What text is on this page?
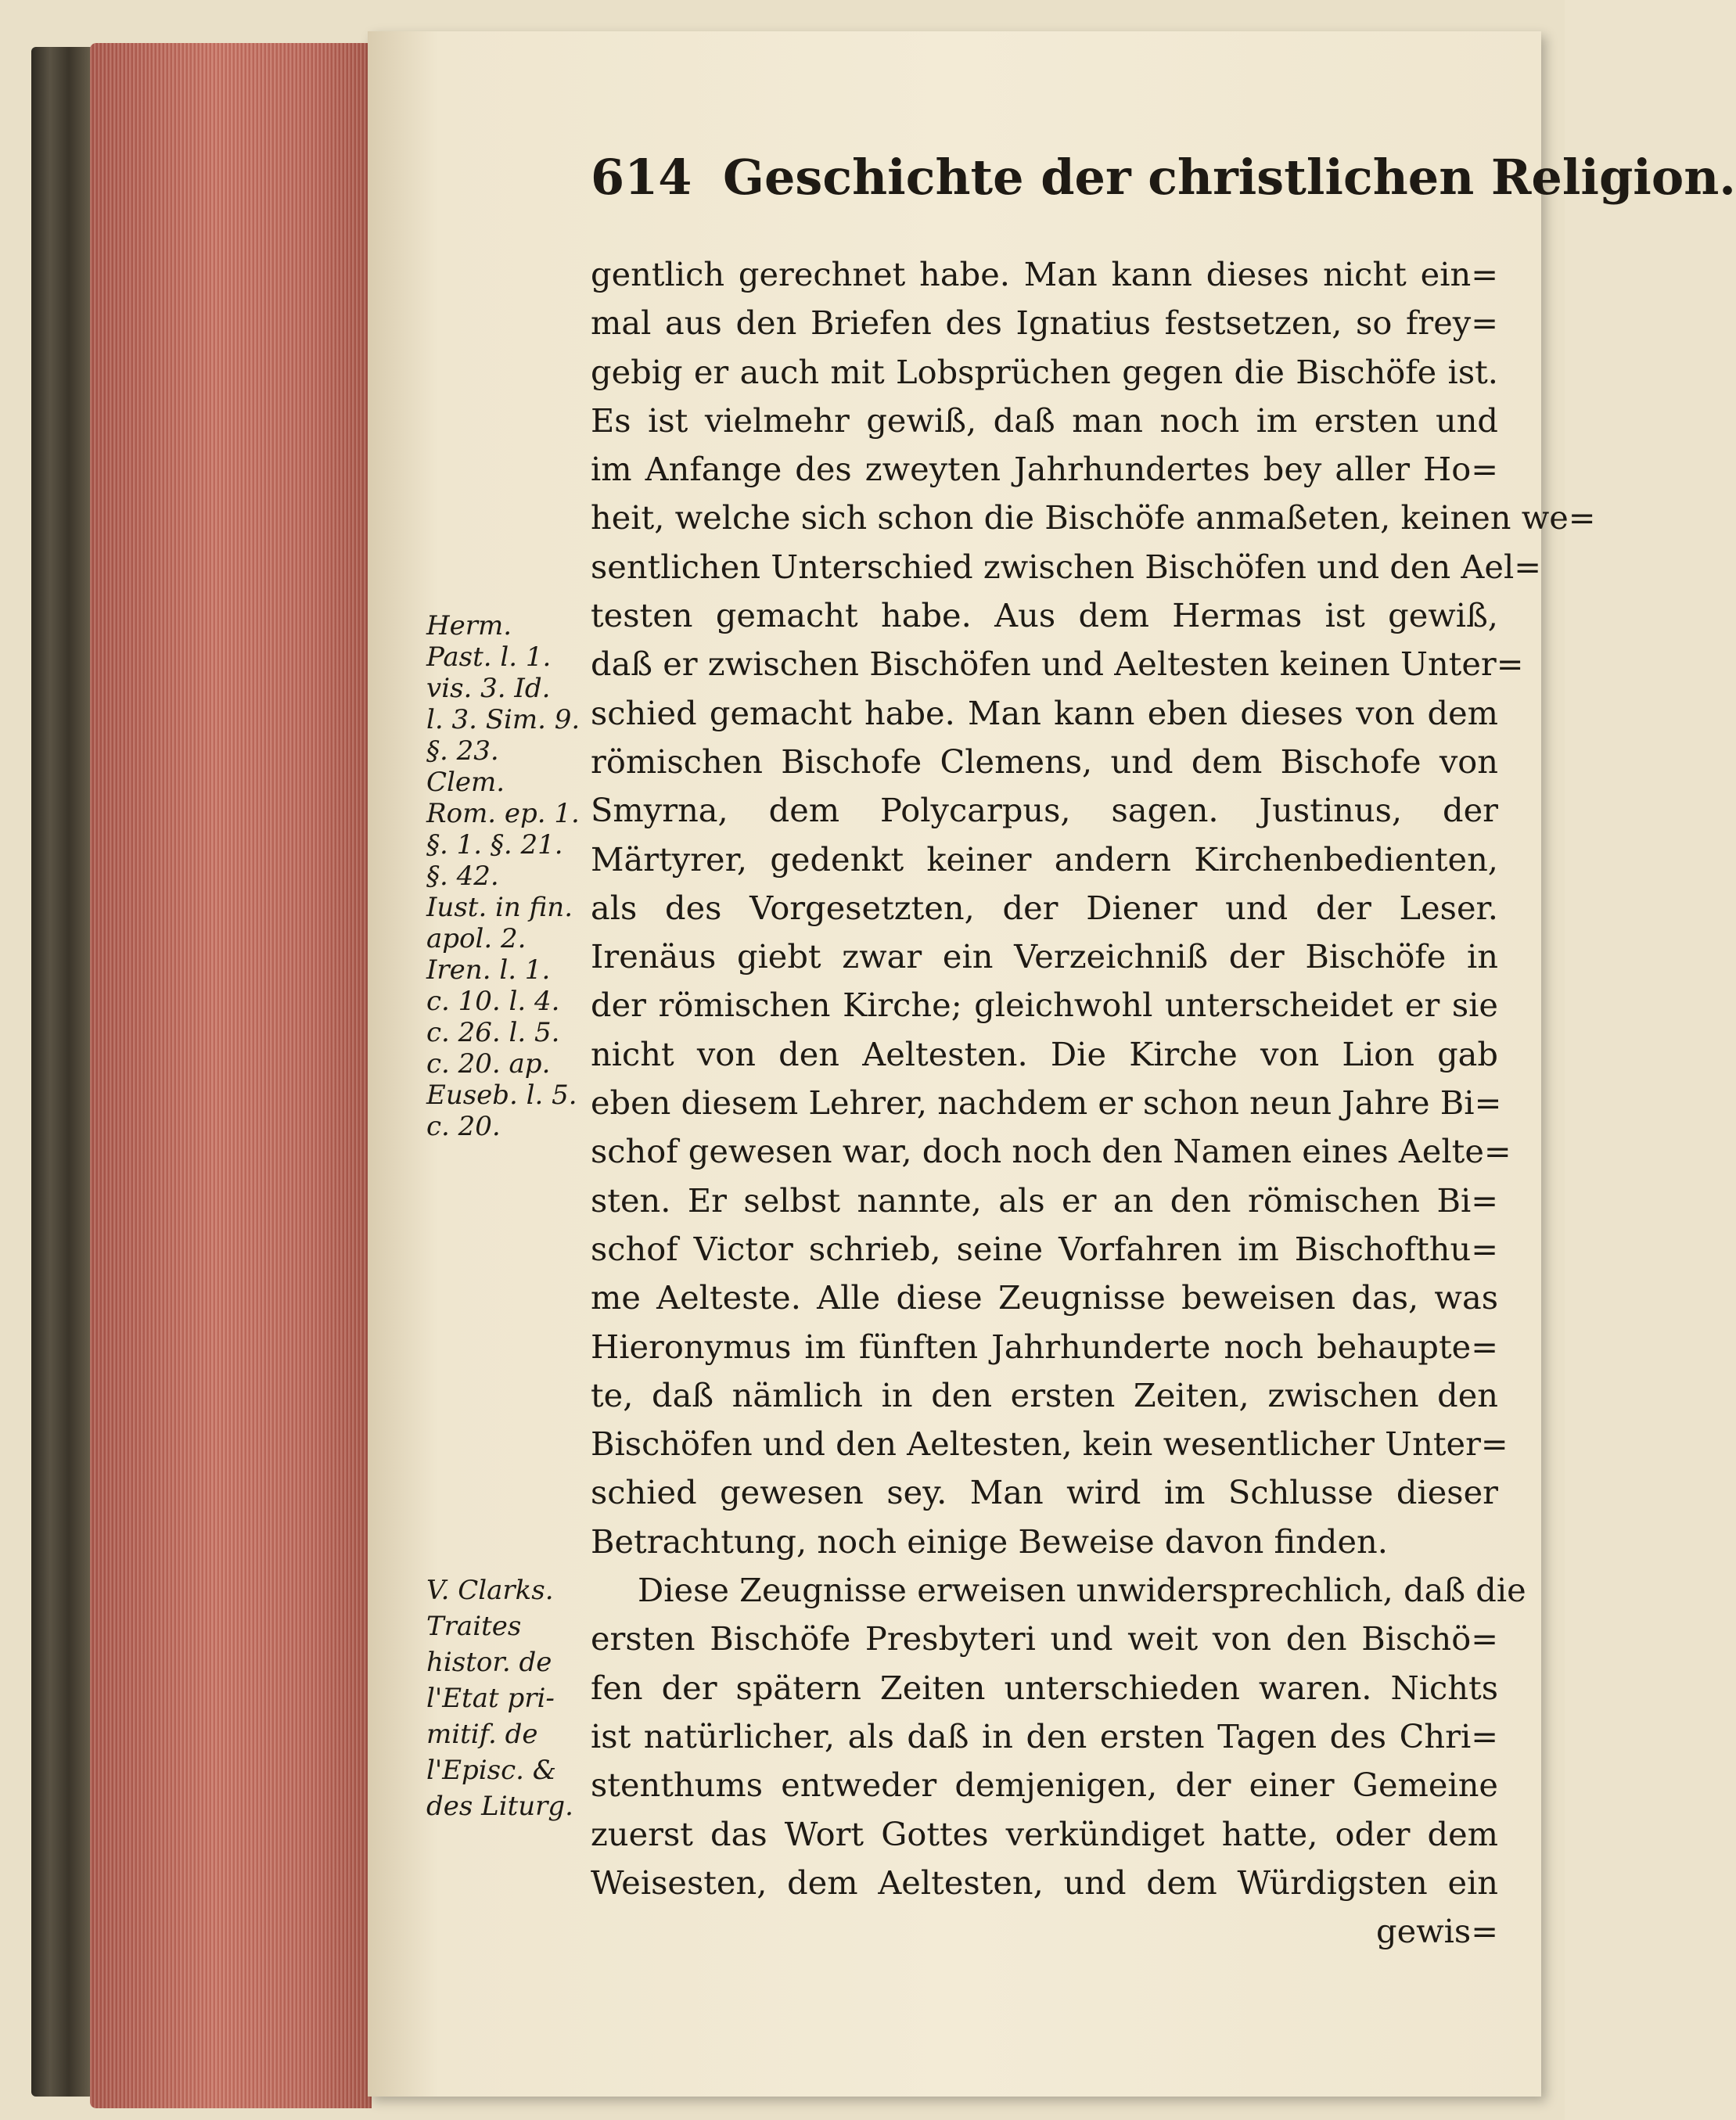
614 Geschichte der christlichen Religion.
gentlich gerechnet habe. Man kann dieses nicht ein=
mal aus den Briefen des Ignatius festsetzen, so frey=
gebig er auch mit Lobsprüchen gegen die Bischöfe ist.
Es ist vielmehr gewiß, daß man noch im ersten und
im Anfange des zweyten Jahrhundertes bey aller Ho=
heit, welche sich schon die Bischöfe anmaßeten, keinen we=
sentlichen Unterschied zwischen Bischöfen und den Ael=
testen gemacht habe. Aus dem Hermas ist gewiß,
daß er zwischen Bischöfen und Aeltesten keinen Unter=
schied gemacht habe. Man kann eben dieses von dem
römischen Bischofe Clemens, und dem Bischofe von
Smyrna, dem Polycarpus, sagen. Justinus, der
Märtyrer, gedenkt keiner andern Kirchenbedienten,
als des Vorgesetzten, der Diener und der Leser.
Irenäus giebt zwar ein Verzeichniß der Bischöfe in
der römischen Kirche; gleichwohl unterscheidet er sie
nicht von den Aeltesten. Die Kirche von Lion gab
eben diesem Lehrer, nachdem er schon neun Jahre Bi=
schof gewesen war, doch noch den Namen eines Aelte=
sten. Er selbst nannte, als er an den römischen Bi=
schof Victor schrieb, seine Vorfahren im Bischofthu=
me Aelteste. Alle diese Zeugnisse beweisen das, was
Hieronymus im fünften Jahrhunderte noch behaupte=
te, daß nämlich in den ersten Zeiten, zwischen den
Bischöfen und den Aeltesten, kein wesentlicher Unter=
schied gewesen sey. Man wird im Schlusse dieser
Betrachtung, noch einige Beweise davon finden.
Diese Zeugnisse erweisen unwidersprechlich, daß die
ersten Bischöfe Presbyteri und weit von den Bischö=
fen der spätern Zeiten unterschieden waren. Nichts
ist natürlicher, als daß in den ersten Tagen des Chri=
stenthums entweder demjenigen, der einer Gemeine
zuerst das Wort Gottes verkündiget hatte, oder dem
Weisesten, dem Aeltesten, und dem Würdigsten ein
gewis=
Herm.
Past. l. 1.
vis. 3. Id.
l. 3. Sim. 9.
§. 23.
Clem.
Rom. ep. 1.
§. 1. §. 21.
§. 42.
Iust. in fin.
apol. 2.
Iren. l. 1.
c. 10. l. 4.
c. 26. l. 5.
c. 20. ap.
Euseb. l. 5.
c. 20.
V. Clarks.
Traites
histor. de
l'Etat pri-
mitif. de
l'Episc. &
des Liturg.
